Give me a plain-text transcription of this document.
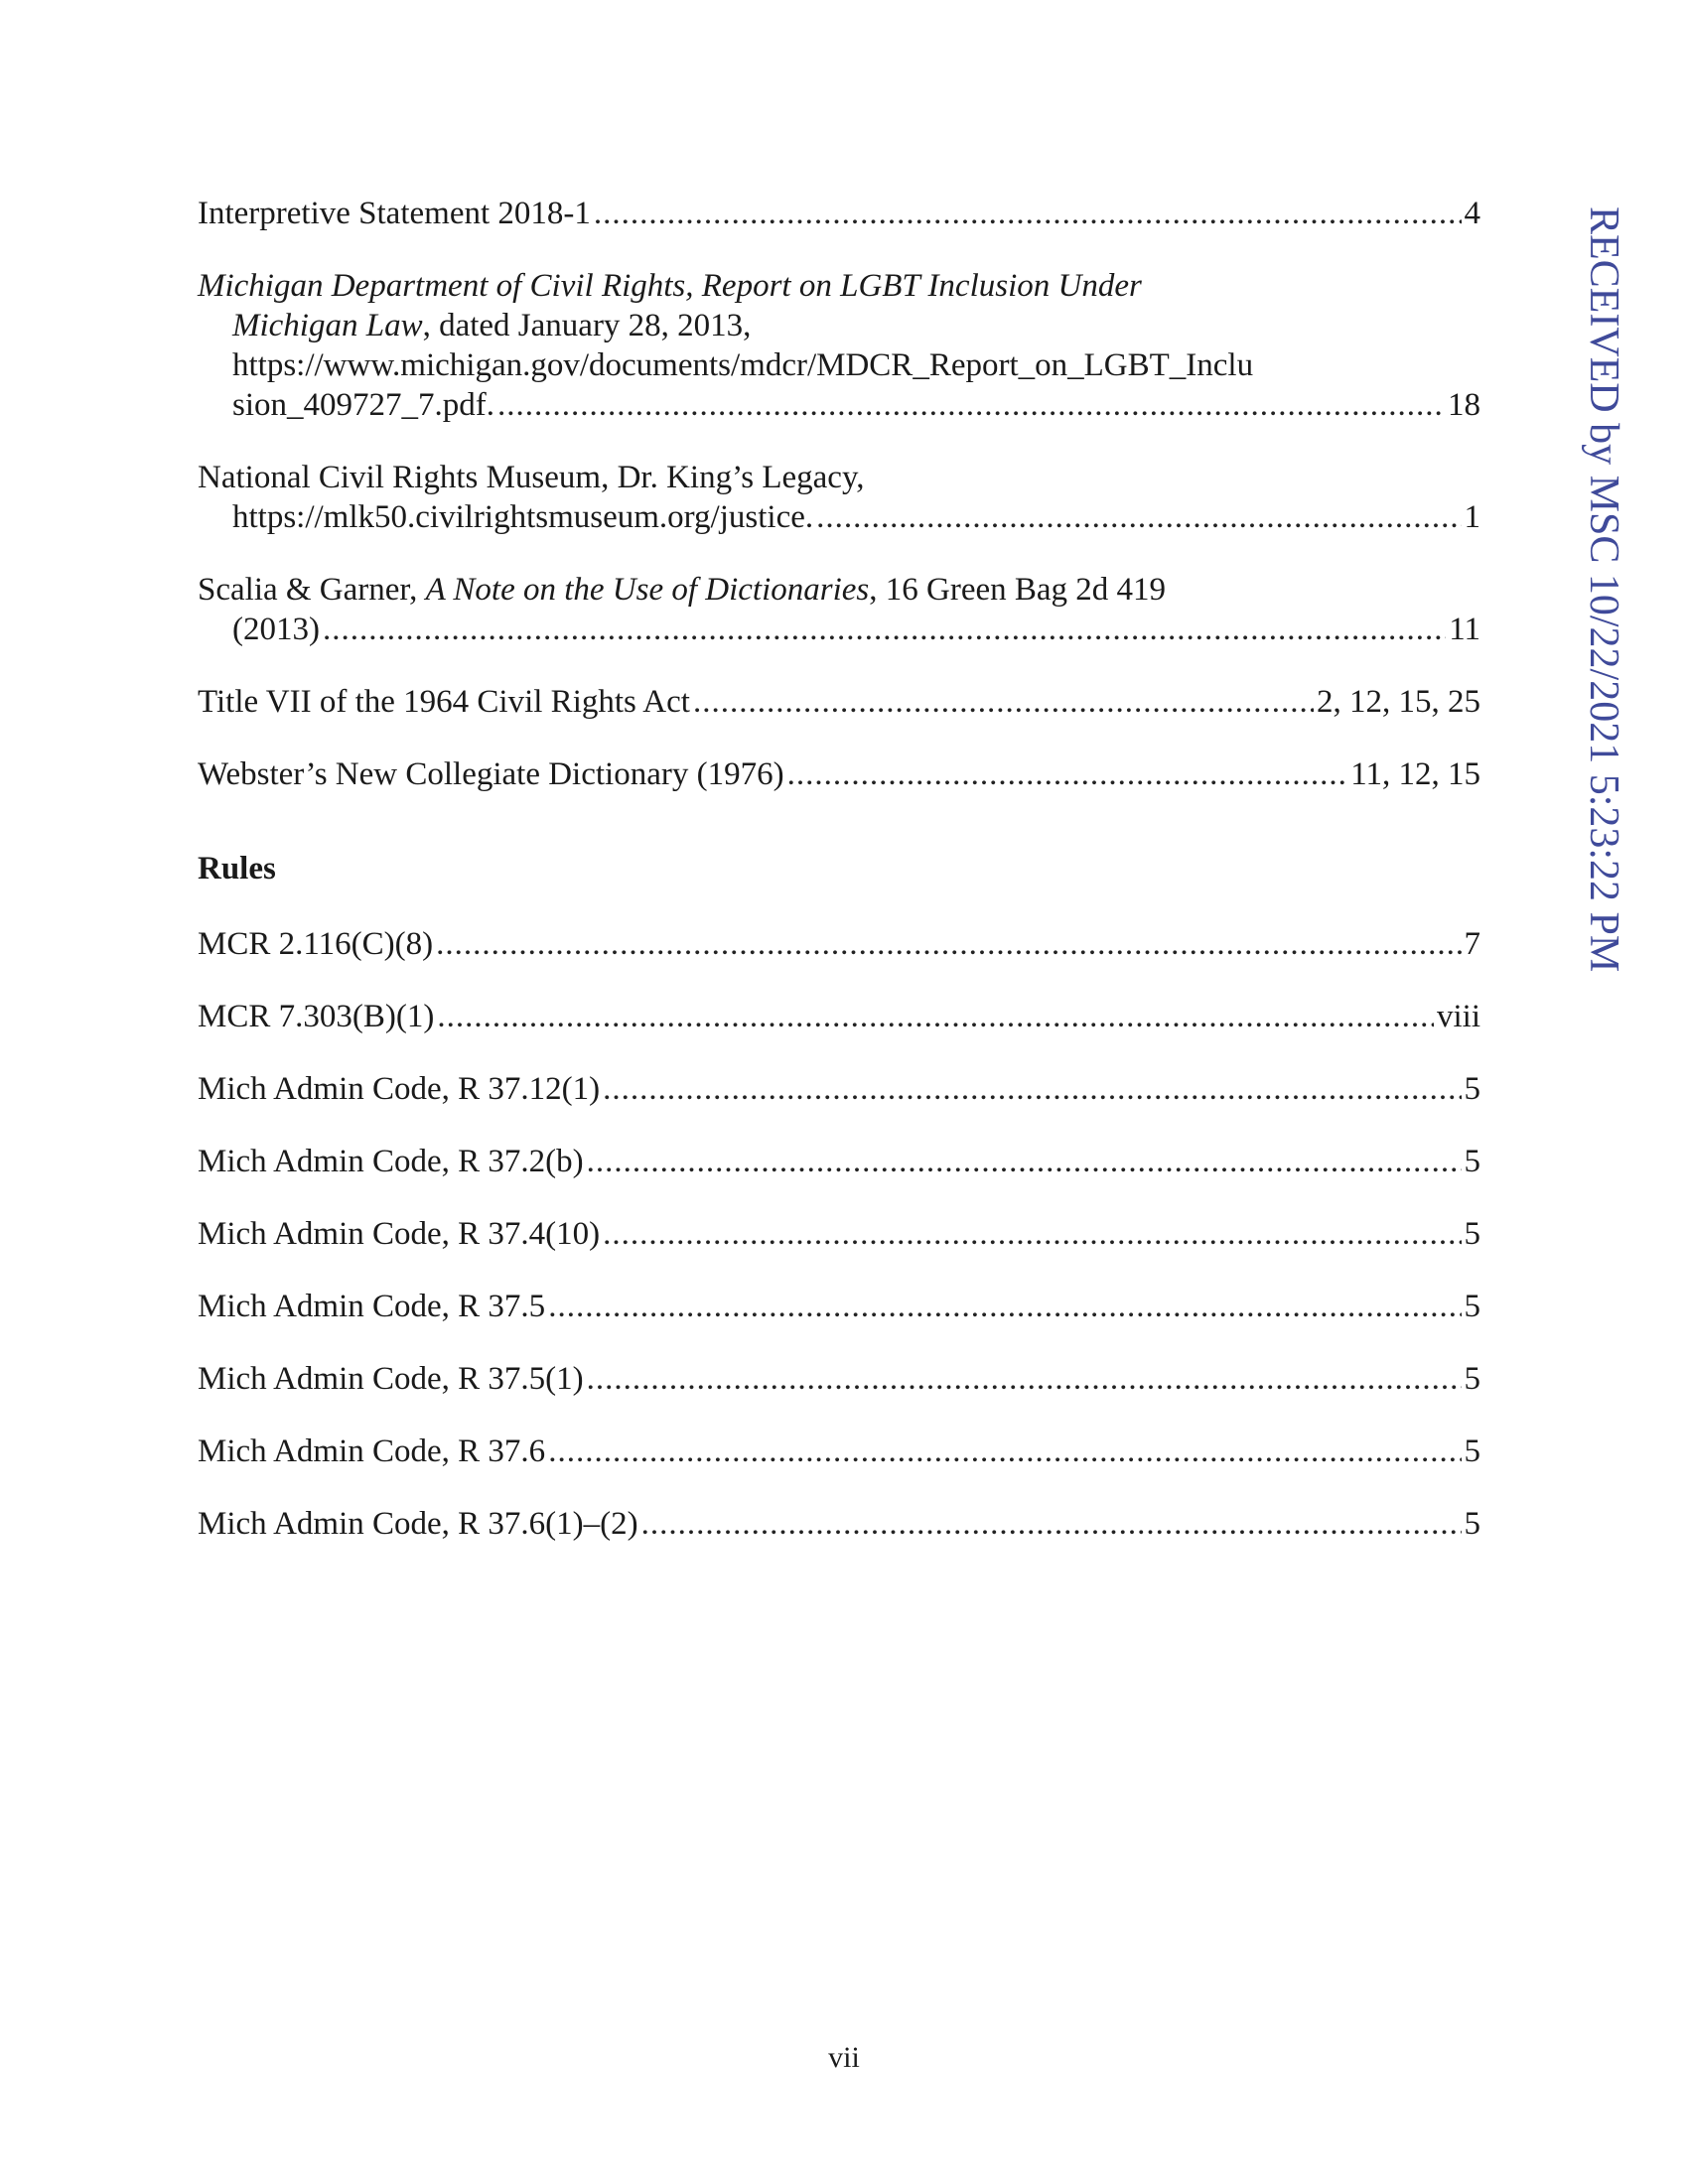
Interpretive Statement 2018-1 .....	4
Michigan Department of Civil Rights, Report on LGBT Inclusion Under
Michigan Law, dated January 28, 2013,
https://www.michigan.gov/documents/mdcr/MDCR_Report_on_LGBT_Inclu
sion_409727_7.pdf. .....	18
National Civil Rights Museum, Dr. King’s Legacy,
https://mlk50.civilrightsmuseum.org/justice. .....	1
Scalia & Garner, A Note on the Use of Dictionaries, 16 Green Bag 2d 419
(2013) .....	11
Title VII of the 1964 Civil Rights Act .....	2, 12, 15, 25
Webster’s New Collegiate Dictionary (1976) .....	11, 12, 15
Rules
MCR 2.116(C)(8) .....	7
MCR 7.303(B)(1) .....	viii
Mich Admin Code, R 37.12(1) .....	5
Mich Admin Code, R 37.2(b) .....	5
Mich Admin Code, R 37.4(10) .....	5
Mich Admin Code, R 37.5 .....	5
Mich Admin Code, R 37.5(1) .....	5
Mich Admin Code, R 37.6 .....	5
Mich Admin Code, R 37.6(1)–(2) .....	5
vii
RECEIVED by MSC 10/22/2021 5:23:22 PM
